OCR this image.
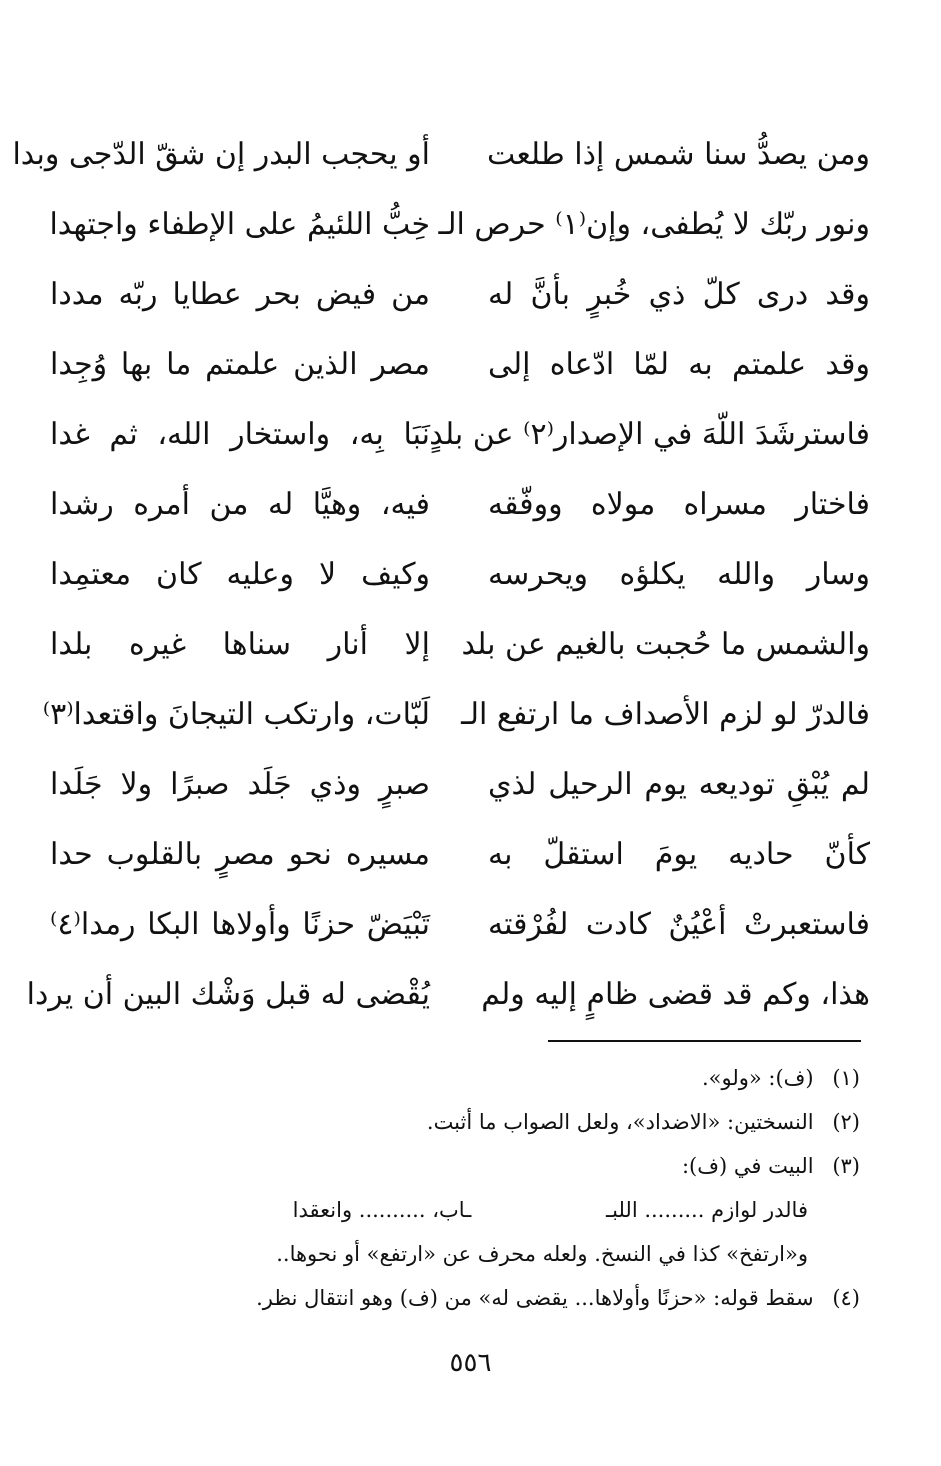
ومن يصدُّ سنا شمس إذا طلعت
أو يحجب البدر إن شقّ الدّجى وبدا
ونور ربّك لا يُطفى، وإن⁽١⁾ حرص الـ
خِبُّ اللئيمُ على الإطفاء واجتهدا
وقد درى كلّ ذي خُبرٍ بأنَّ له
من فيض بحر عطايا ربّه مددا
وقد علمتم به لمّا ادّعاه إلى
مصر الذين علمتم ما بها وُجِدا
فاسترشَدَ اللّهَ في الإصدار⁽٢⁾ عن بلدٍ
نَبَا بِه، واستخار الله، ثم غدا
فاختار مسراه مولاه ووفّقه
فيه، وهيَّا له من أمره رشدا
وسار والله يكلؤه ويحرسه
وكيف لا وعليه كان معتمِدا
والشمس ما حُجبت بالغيم عن بلد
إلا أنار سناها غيره بلدا
فالدرّ لو لزم الأصداف ما ارتفع الـ
لَبّات، وارتكب التيجانَ واقتعدا⁽٣⁾
لم يُبْقِ توديعه يوم الرحيل لذي
صبرٍ وذي جَلَد صبرًا ولا جَلَدا
كأنّ حاديه يومَ استقلّ به
مسيره نحو مصرٍ بالقلوب حدا
فاستعبرتْ أعْيُنٌ كادت لفُرْقته
تَبْيَضّ حزنًا وأولاها البكا رمدا⁽٤⁾
هذا، وكم قد قضى ظامٍ إليه ولم
يُقْضى له قبل وَشْك البين أن يردا
(١) (ف): «ولو».
(٢) النسختين: «الاضداد»، ولعل الصواب ما أثبت.
(٣) البيت في (ف):
فالدر لوازم ......... اللبـ ـاب، .......... وانعقدا
و«ارتفخ» كذا في النسخ. ولعله محرف عن «ارتفع» أو نحوها..
(٤) سقط قوله: «حزنًا وأولاها... يقضى له» من (ف) وهو انتقال نظر.
٥٥٦
